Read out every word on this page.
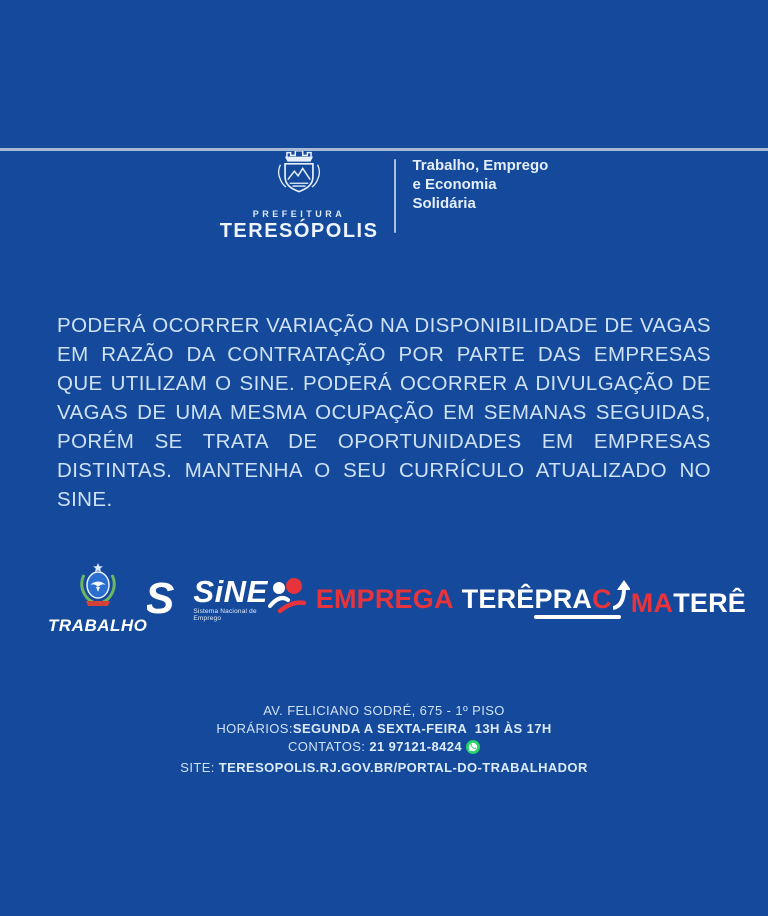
PREFEITURA
TERESÓPOLIS
Trabalho, Emprego
e Economia
Solidária

PODERÁ OCORRER VARIAÇÃO NA DISPONIBILIDADE DE VAGAS EM RAZÃO DA CONTRATAÇÃO POR PARTE DAS EMPRESAS QUE UTILIZAM O SINE. PODERÁ OCORRER A DIVULGAÇÃO DE VAGAS DE UMA MESMA OCUPAÇÃO EM SEMANAS SEGUIDAS, PORÉM SE TRATA DE OPORTUNIDADES EM EMPRESAS DISTINTAS. MANTENHA O SEU CURRÍCULO ATUALIZADO NO SINE.

TRABALHO
S SiNE
Sistema Nacional de Emprego
EMPREGA TERÊ PRAC MA TERÊ
AV. FELICIANO SODRÉ, 675 - 1º PISO
HORÁRIOS:SEGUNDA A SEXTA-FEIRA  13H ÀS 17H
CONTATOS: 21 97121-8424
SITE: TERESOPOLIS.RJ.GOV.BR/PORTAL-DO-TRABALHADOR
